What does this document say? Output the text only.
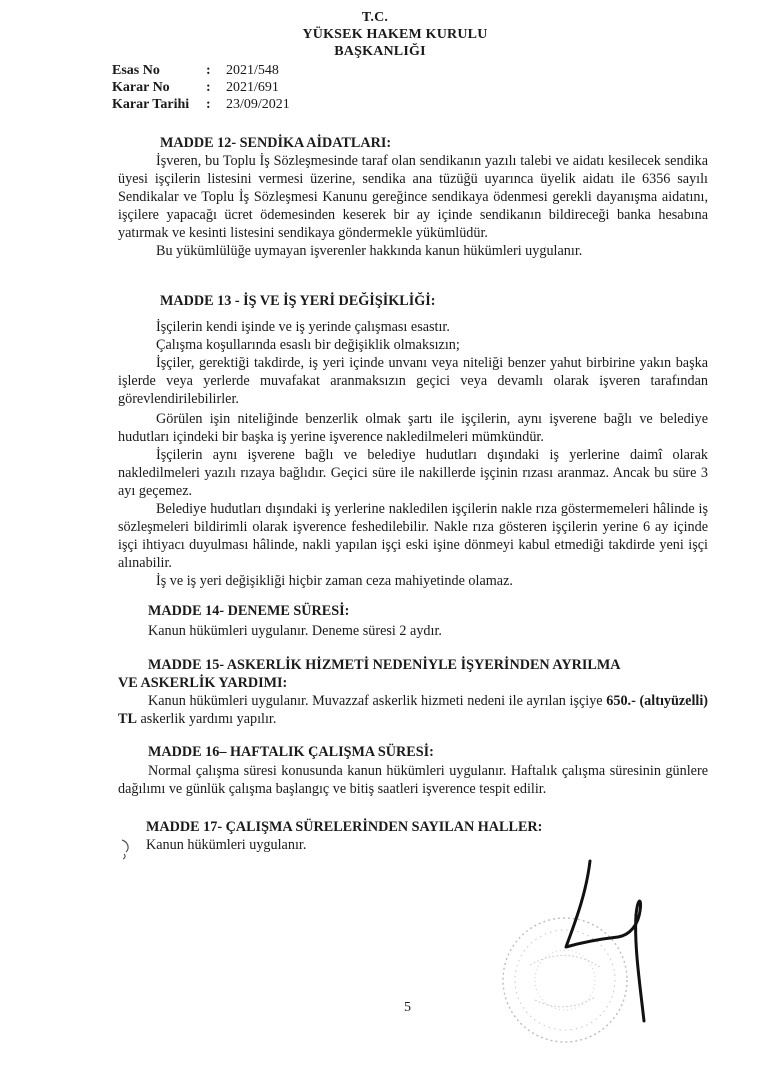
T.C.
YÜKSEK HAKEM KURULU
BAŞKANLIĞI
Esas No	:	2021/548
Karar No	:	2021/691
Karar Tarihi	:	23/09/2021
MADDE 12- SENDİKA AİDATLARI:

İşveren, bu Toplu İş Sözleşmesinde taraf olan sendikanın yazılı talebi ve aidatı kesilecek sendika üyesi işçilerin listesini vermesi üzerine, sendika ana tüzüğü uyarınca üyelik aidatı ile 6356 sayılı Sendikalar ve Toplu İş Sözleşmesi Kanunu gereğince sendikaya ödenmesi gerekli dayanışma aidatını, işçilere yapacağı ücret ödemesinden keserek bir ay içinde sendikanın bildireceği banka hesabına yatırmak ve kesinti listesini sendikaya göndermekle yükümlüdür.

Bu yükümlülüğe uymayan işverenler hakkında kanun hükümleri uygulanır.

MADDE 13 - İŞ VE İŞ YERİ DEĞİŞİKLİĞİ:

İşçilerin kendi işinde ve iş yerinde çalışması esastır.

Çalışma koşullarında esaslı bir değişiklik olmaksızın;

İşçiler, gerektiği takdirde, iş yeri içinde unvanı veya niteliği benzer yahut birbirine yakın başka işlerde veya yerlerde muvafakat aranmaksızın geçici veya devamlı olarak işveren tarafından görevlendirilebilirler.

Görülen işin niteliğinde benzerlik olmak şartı ile işçilerin, aynı işverene bağlı ve belediye hudutları içindeki bir başka iş yerine işverence nakledilmeleri mümkündür.

İşçilerin aynı işverene bağlı ve belediye hudutları dışındaki iş yerlerine daimî olarak nakledilmeleri yazılı rızaya bağlıdır. Geçici süre ile nakillerde işçinin rızası aranmaz. Ancak bu süre 3 ayı geçemez.

Belediye hudutları dışındaki iş yerlerine nakledilen işçilerin nakle rıza göstermemeleri hâlinde iş sözleşmeleri bildirimli olarak işverence feshedilebilir. Nakle rıza gösteren işçilerin yerine 6 ay içinde işçi ihtiyacı duyulması hâlinde, nakli yapılan işçi eski işine dönmeyi kabul etmediği takdirde yeni işçi alınabilir.

İş ve iş yeri değişikliği hiçbir zaman ceza mahiyetinde olamaz.

MADDE 14- DENEME SÜRESİ:

Kanun hükümleri uygulanır. Deneme süresi 2 aydır.

MADDE 15- ASKERLİK HİZMETİ NEDENİYLE İŞYERİNDEN AYRILMA

VE ASKERLİK YARDIMI:

Kanun hükümleri uygulanır. Muvazzaf askerlik hizmeti nedeni ile ayrılan işçiye 650.- (altıyüzelli) TL askerlik yardımı yapılır.

MADDE 16– HAFTALIK ÇALIŞMA SÜRESİ:

Normal çalışma süresi konusunda kanun hükümleri uygulanır. Haftalık çalışma süresinin günlere dağılımı ve günlük çalışma başlangıç ve bitiş saatleri işverence tespit edilir.

MADDE 17- ÇALIŞMA SÜRELERİNDEN SAYILAN HALLER:

Kanun hükümleri uygulanır.

5
